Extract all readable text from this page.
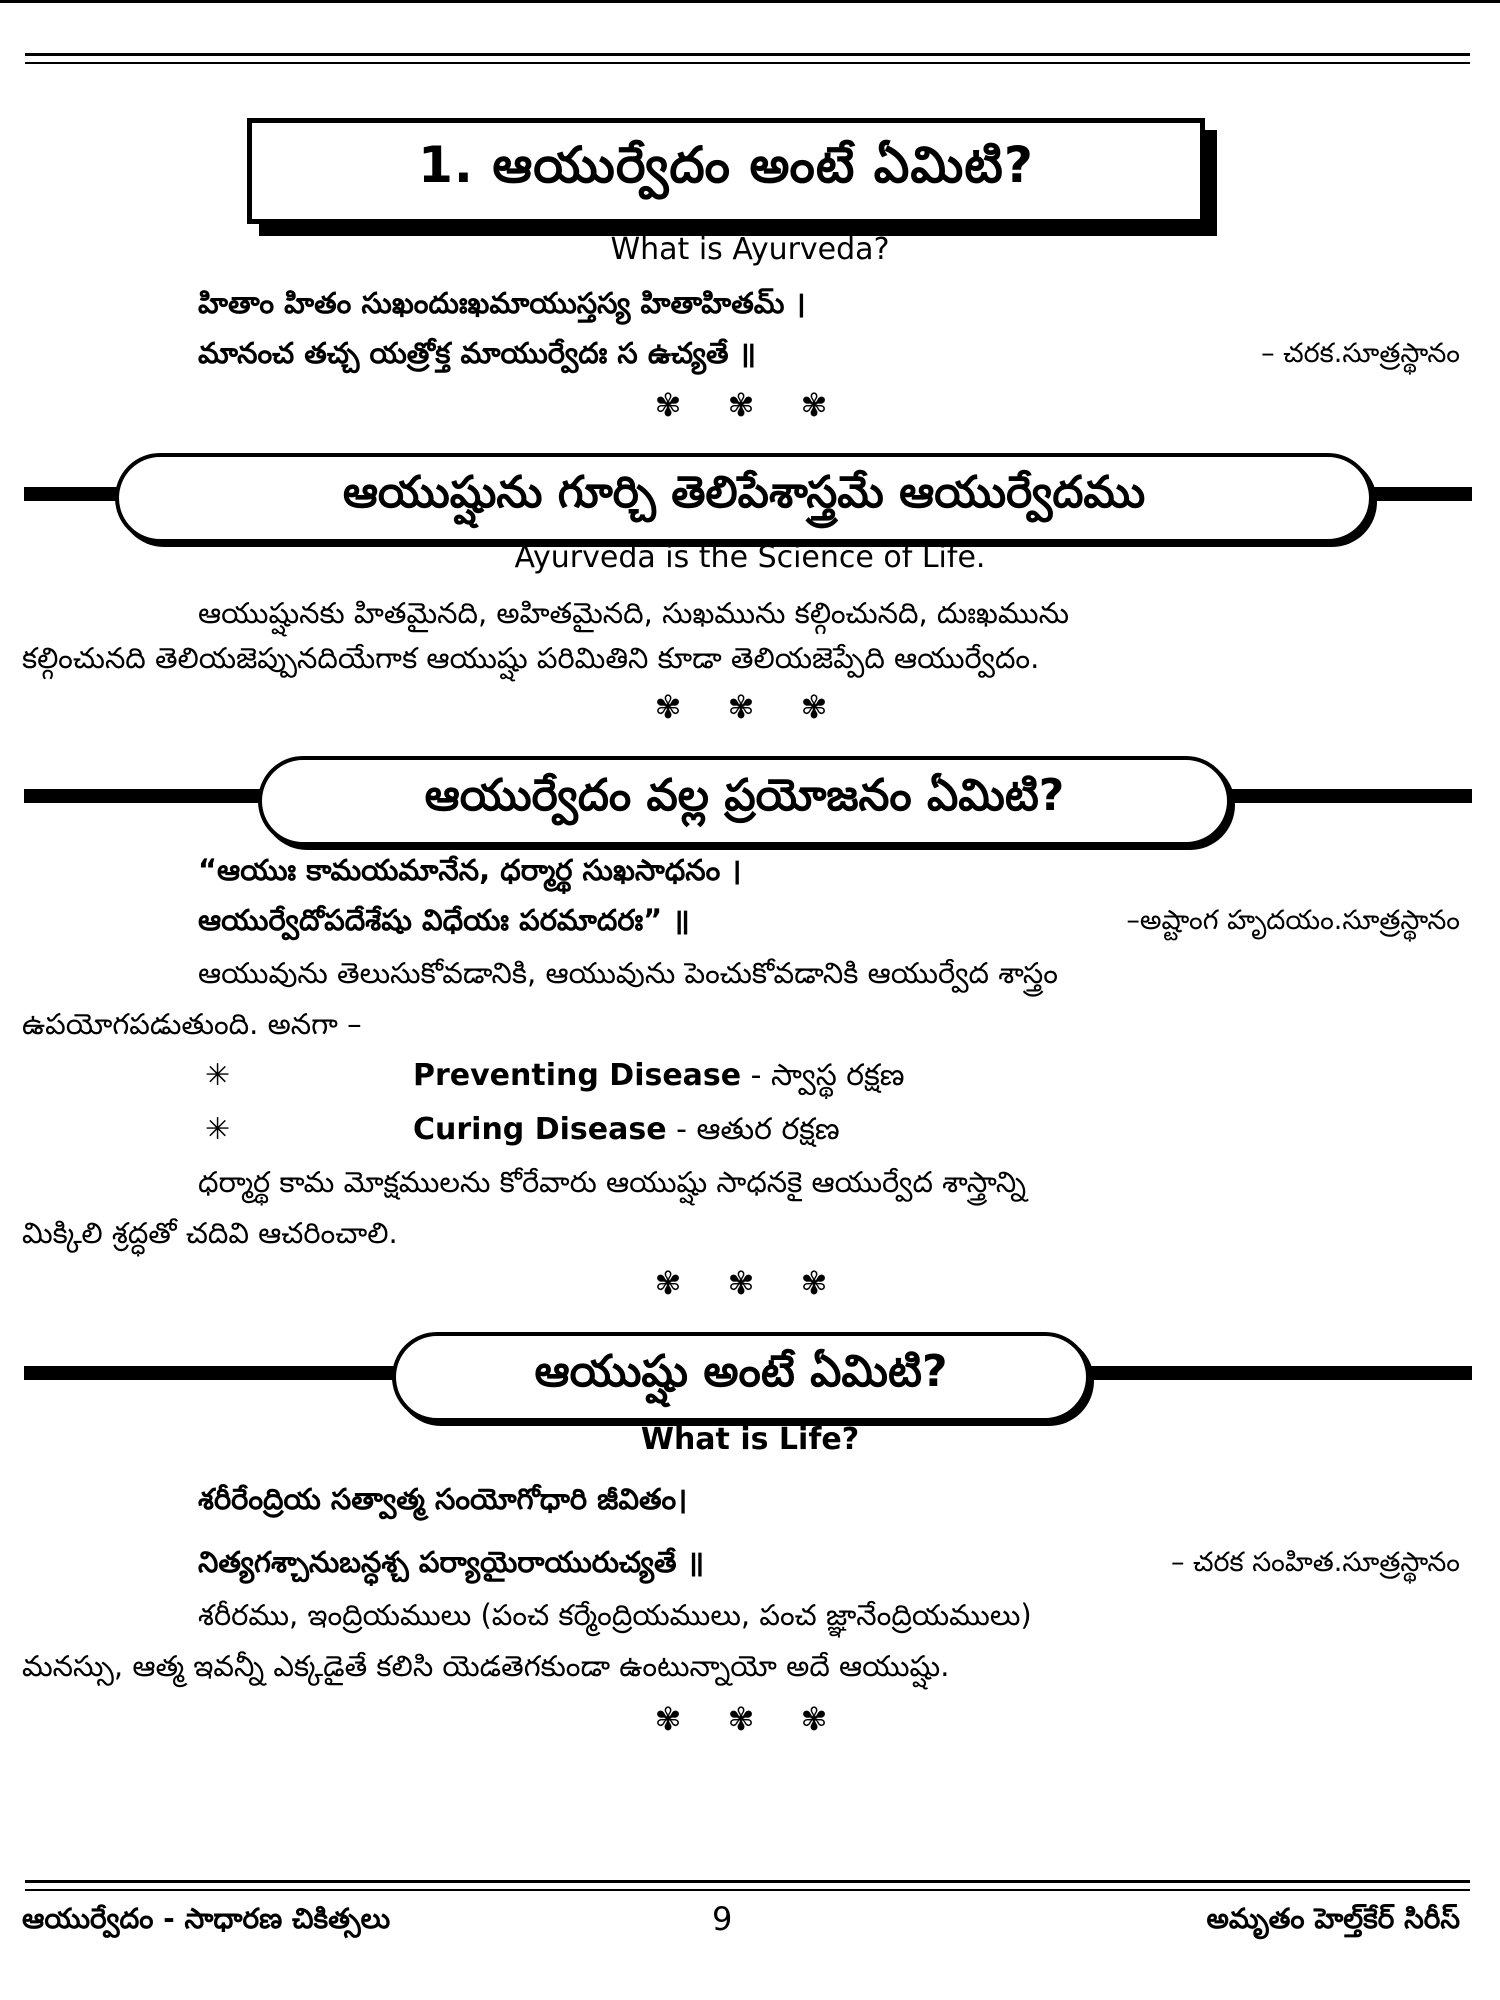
1. ఆయుర్వేదం అంటే ఏమిటి?
What is Ayurveda?
హితాం హితం సుఖందుఃఖమాయుస్తస్య హితాహితమ్ ।
మానంచ తచ్చ యత్రోక్త మాయుర్వేదః స ఉచ్యతే ॥	– చరక.సూత్రస్థానం
✾ ✾ ✾
ఆయుష్షును గూర్చి తెలిపేశాస్త్రమే ఆయుర్వేదము
Ayurveda is the Science of Life.
ఆయుష్షునకు హితమైనది, అహితమైనది, సుఖమును కల్గించునది, దుఃఖమును
కల్గించునది తెలియజెప్పునదియేగాక ఆయుష్షు పరిమితిని కూడా తెలియజెప్పేది ఆయుర్వేదం.
✾ ✾ ✾
ఆయుర్వేదం వల్ల ప్రయోజనం ఏమిటి?
“ఆయుః కామయమానేన, ధర్మార్థ సుఖసాధనం ।
ఆయుర్వేదోపదేశేషు విధేయః పరమాదరః” ॥	–అష్టాంగ హృదయం.సూత్రస్థానం
ఆయువును తెలుసుకోవడానికి, ఆయువును పెంచుకోవడానికి ఆయుర్వేద శాస్త్రం
ఉపయోగపడుతుంది. అనగా –
✳	Preventing Disease - స్వాస్థ రక్షణ
✳	Curing Disease - ఆతుర రక్షణ
ధర్మార్థ కామ మోక్షములను కోరేవారు ఆయుష్షు సాధనకై ఆయుర్వేద శాస్త్రాన్ని
మిక్కిలి శ్రద్ధతో చదివి ఆచరించాలి.
✾ ✾ ✾
ఆయుష్షు అంటే ఏమిటి?
What is Life?
శరీరేంద్రియ సత్వాత్మ సంయోగోధారి జీవితం।
నిత్యగశ్చానుబన్ధశ్చ పర్యాయైరాయురుచ్యతే ॥	– చరక సంహిత.సూత్రస్థానం
శరీరము, ఇంద్రియములు (పంచ కర్మేంద్రియములు, పంచ జ్ఞానేంద్రియములు)
మనస్సు, ఆత్మ ఇవన్నీ ఎక్కడైతే కలిసి యెడతెగకుండా ఉంటున్నాయో అదే ఆయుష్షు.
✾ ✾ ✾
ఆయుర్వేదం - సాధారణ చికిత్సలు	9	అమృతం హెల్త్‌కేర్ సిరీస్
